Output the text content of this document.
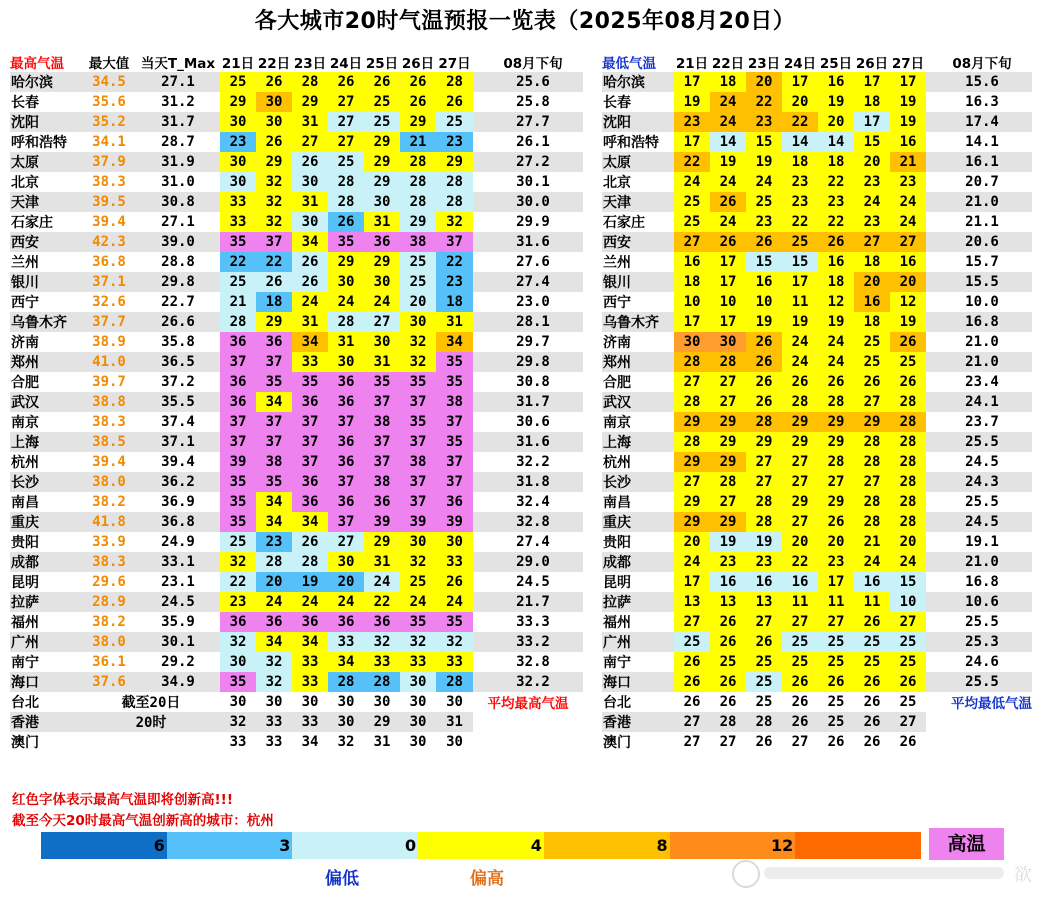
各大城市20时气温预报一览表（2025年08月20日）
最高气温	最大值	当天T_Max	21日	22日	23日	24日	25日	26日	27日		08月下旬
哈尔滨	34.5	27.1	25	26	28	26	26	26	28		25.6
长春	35.6	31.2	29	30	29	27	25	26	26		25.8
沈阳	35.2	31.7	30	30	31	27	25	29	25		27.7
呼和浩特	34.1	28.7	23	26	27	27	29	21	23		26.1
太原	37.9	31.9	30	29	26	25	29	28	29		27.2
北京	38.3	31.0	30	32	30	28	29	28	28		30.1
天津	39.5	30.8	33	32	31	28	30	28	28		30.0
石家庄	39.4	27.1	33	32	30	26	31	29	32		29.9
西安	42.3	39.0	35	37	34	35	36	38	37		31.6
兰州	36.8	28.8	22	22	26	29	29	25	22		27.6
银川	37.1	29.8	25	26	26	30	30	25	23		27.4
西宁	32.6	22.7	21	18	24	24	24	20	18		23.0
乌鲁木齐	37.7	26.6	28	29	31	28	27	30	31		28.1
济南	38.9	35.8	36	36	34	31	30	32	34		29.7
郑州	41.0	36.5	37	37	33	30	31	32	35		29.8
合肥	39.7	37.2	36	35	35	36	35	35	35		30.8
武汉	38.8	35.5	36	34	36	36	37	37	38		31.7
南京	38.3	37.4	37	37	37	37	38	35	37		30.6
上海	38.5	37.1	37	37	37	36	37	37	35		31.6
杭州	39.4	39.4	39	38	37	36	37	38	37		32.2
长沙	38.0	36.2	35	35	36	37	38	37	37		31.8
南昌	38.2	36.9	35	34	36	36	36	37	36		32.4
重庆	41.8	36.8	35	34	34	37	39	39	39		32.8
贵阳	33.9	24.9	25	23	26	27	29	30	30		27.4
成都	38.3	33.1	32	28	28	30	31	32	33		29.0
昆明	29.6	23.1	22	20	19	20	24	25	26		24.5
拉萨	28.9	24.5	23	24	24	24	22	24	24		21.7
福州	38.2	35.9	36	36	36	36	36	35	35		33.3
广州	38.0	30.1	32	34	34	33	32	32	32		33.2
南宁	36.1	29.2	30	32	33	34	33	33	33		32.8
海口	37.6	34.9	35	32	33	28	28	30	28		32.2
台北	截至20日		30	30	30	30	30	30	30	平均最高气温	
香港	20时		32	33	33	30	29	30	31		
澳门			33	33	34	32	31	30	30		
最低气温	21日	22日	23日	24日	25日	26日	27日		08月下旬
哈尔滨	17	18	20	17	16	17	17		15.6
长春	19	24	22	20	19	18	19		16.3
沈阳	23	24	23	22	20	17	19		17.4
呼和浩特	17	14	15	14	14	15	16		14.1
太原	22	19	19	18	18	20	21		16.1
北京	24	24	24	23	22	23	23		20.7
天津	25	26	25	23	23	24	24		21.0
石家庄	25	24	23	22	22	23	24		21.1
西安	27	26	26	25	26	27	27		20.6
兰州	16	17	15	15	16	18	16		15.7
银川	18	17	16	17	18	20	20		15.5
西宁	10	10	10	11	12	16	12		10.0
乌鲁木齐	17	17	19	19	19	18	19		16.8
济南	30	30	26	24	24	25	26		21.0
郑州	28	28	26	24	24	25	25		21.0
合肥	27	27	26	26	26	26	26		23.4
武汉	28	27	26	28	28	27	28		24.1
南京	29	29	28	29	29	29	28		23.7
上海	28	29	29	29	29	28	28		25.5
杭州	29	29	27	27	28	28	28		24.5
长沙	27	28	27	27	27	27	28		24.3
南昌	29	27	28	29	29	28	28		25.5
重庆	29	29	28	27	26	28	28		24.5
贵阳	20	19	19	20	20	21	20		19.1
成都	24	23	23	22	23	24	24		21.0
昆明	17	16	16	16	17	16	15		16.8
拉萨	13	13	13	11	11	11	10		10.6
福州	27	26	27	27	27	26	27		25.5
广州	25	26	26	25	25	25	25		25.3
南宁	26	25	25	25	25	25	25		24.6
海口	26	26	25	26	26	26	26		25.5
台北	26	26	25	26	25	26	25	平均最低气温	
香港	27	28	28	26	25	26	27		
澳门	27	27	26	27	26	26	26		
红色字体表示最高气温即将创新高!!!
截至今天20时最高气温创新高的城市：杭州
6	3	0	4	8	12	高温
偏低	偏高	欲
